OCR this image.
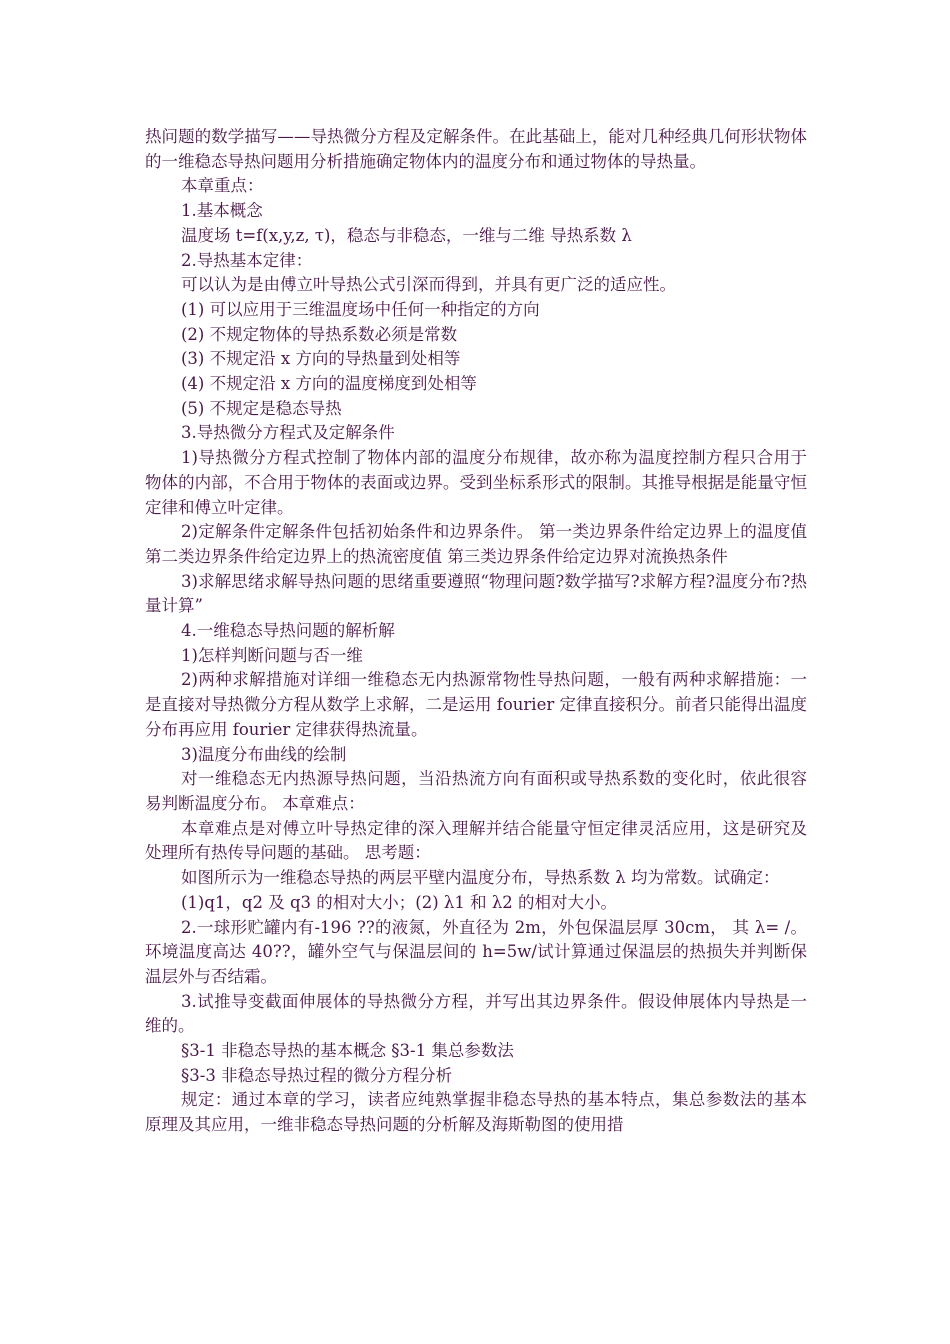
热问题的数学描写——导热微分方程及定解条件。在此基础上，能对几种经典几何形状物体的一维稳态导热问题用分析措施确定物体内的温度分布和通过物体的导热量。

本章重点：

1.基本概念

温度场 t=f(x,y,z, τ)，稳态与非稳态，一维与二维 导热系数 λ

2.导热基本定律：

可以认为是由傅立叶导热公式引深而得到，并具有更广泛的适应性。

(1) 可以应用于三维温度场中任何一种指定的方向

(2) 不规定物体的导热系数必须是常数

(3) 不规定沿 x 方向的导热量到处相等

(4) 不规定沿 x 方向的温度梯度到处相等

(5) 不规定是稳态导热

3.导热微分方程式及定解条件

1)导热微分方程式控制了物体内部的温度分布规律，故亦称为温度控制方程只合用于物体的内部，不合用于物体的表面或边界。受到坐标系形式的限制。其推导根据是能量守恒定律和傅立叶定律。

2)定解条件定解条件包括初始条件和边界条件。 第一类边界条件给定边界上的温度值 第二类边界条件给定边界上的热流密度值 第三类边界条件给定边界对流换热条件

3)求解思绪求解导热问题的思绪重要遵照“物理问题?数学描写?求解方程?温度分布?热量计算”

4.一维稳态导热问题的解析解

1)怎样判断问题与否一维

2)两种求解措施对详细一维稳态无内热源常物性导热问题，一般有两种求解措施：一是直接对导热微分方程从数学上求解，二是运用 fourier 定律直接积分。前者只能得出温度分布再应用 fourier 定律获得热流量。

3)温度分布曲线的绘制

对一维稳态无内热源导热问题，当沿热流方向有面积或导热系数的变化时，依此很容易判断温度分布。 本章难点：

本章难点是对傅立叶导热定律的深入理解并结合能量守恒定律灵活应用，这是研究及处理所有热传导问题的基础。 思考题：

如图所示为一维稳态导热的两层平壁内温度分布，导热系数 λ 均为常数。试确定：

(1)q1，q2 及 q3 的相对大小；(2) λ1 和 λ2 的相对大小。

2.一球形贮罐内有-196 ??的液氮，外直径为 2m，外包保温层厚 30cm， 其 λ= /。环境温度高达 40??，罐外空气与保温层间的 h=5w/试计算通过保温层的热损失并判断保温层外与否结霜。

3.试推导变截面伸展体的导热微分方程，并写出其边界条件。假设伸展体内导热是一维的。

§3-1 非稳态导热的基本概念 §3-1 集总参数法

§3-3 非稳态导热过程的微分方程分析

规定：通过本章的学习，读者应纯熟掌握非稳态导热的基本特点，集总参数法的基本原理及其应用，一维非稳态导热问题的分析解及海斯勒图的使用措
